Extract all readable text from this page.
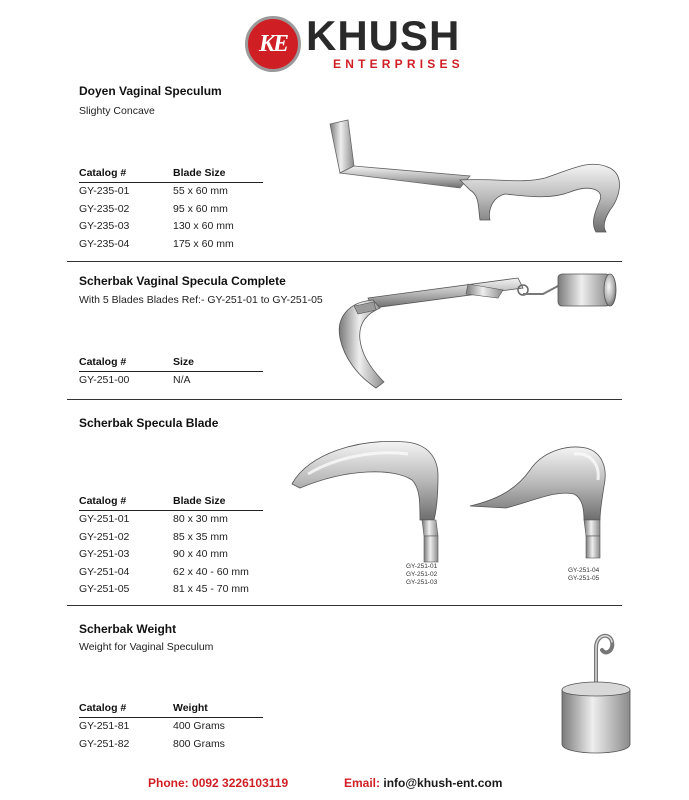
KE KHUSH
ENTERPRISES
Doyen Vaginal Speculum
Slighty Concave
Catalog #	Blade Size
GY-235-01	55 x 60 mm
GY-235-02	95 x 60 mm
GY-235-03	130 x 60 mm
GY-235-04	175 x 60 mm
Scherbak Vaginal Specula Complete
With 5 Blades Blades Ref:- GY-251-01 to GY-251-05
Catalog #	Size
GY-251-00	N/A
Scherbak Specula Blade
Catalog #	Blade Size
GY-251-01	80 x 30 mm
GY-251-02	85 x 35 mm
GY-251-03	90 x 40 mm
GY-251-04	62 x 40 - 60 mm
GY-251-05	81 x 45 - 70 mm
GY-251-01
GY-251-02
GY-251-03
GY-251-04
GY-251-05
Scherbak Weight
Weight for Vaginal Speculum
Catalog #	Weight
GY-251-81	400 Grams
GY-251-82	800 Grams
Phone: 0092 3226103119	Email: info@khush-ent.com
